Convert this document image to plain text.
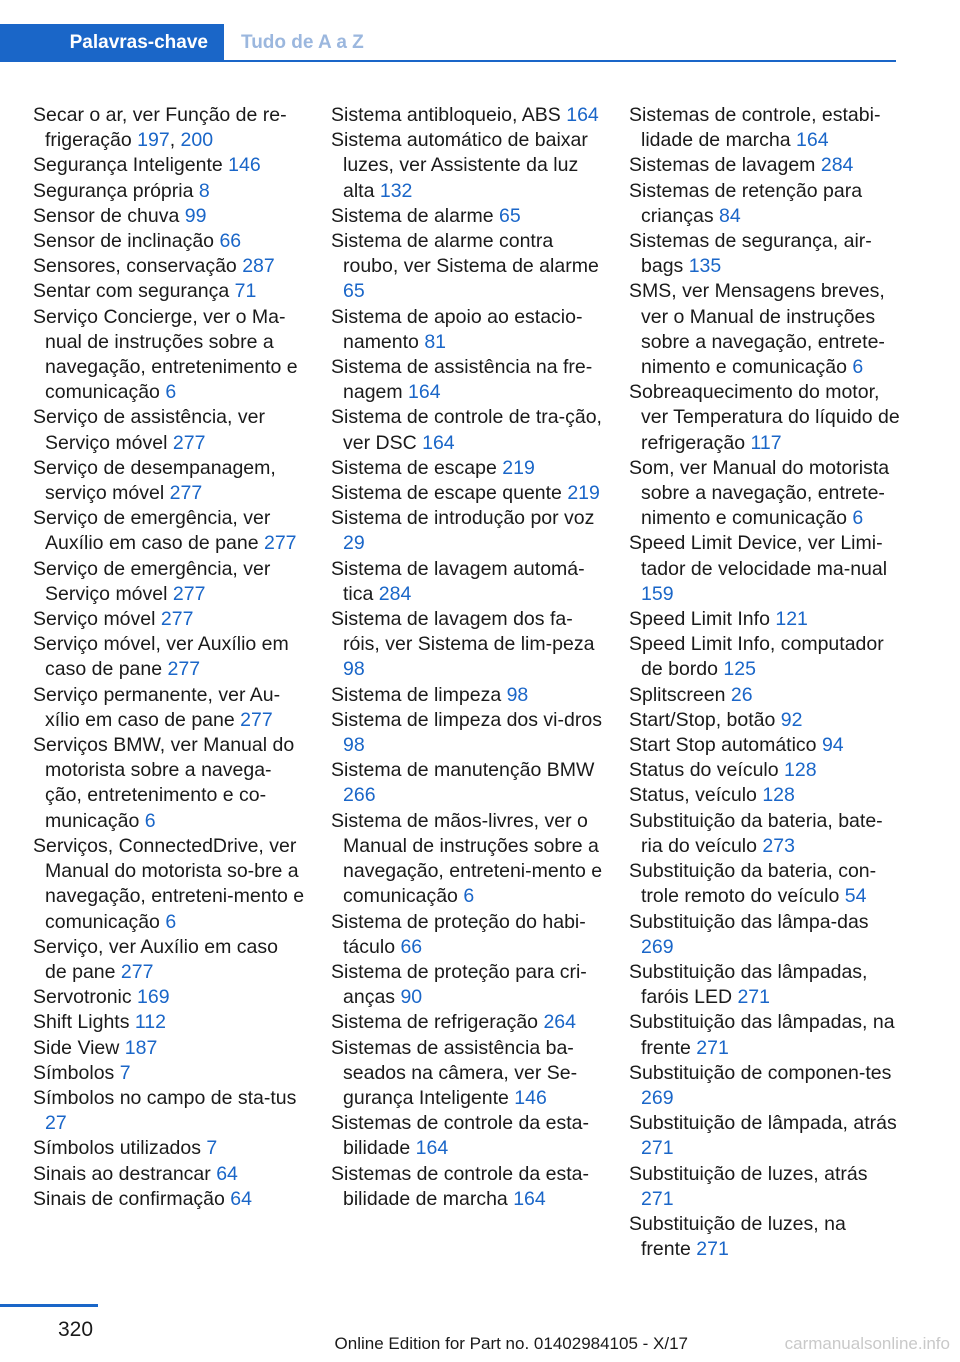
Palavras-chave Tudo de A a Z

Secar o ar, ver Função de re-frigeração 197, 200

Segurança Inteligente 146

Segurança própria 8

Sensor de chuva 99

Sensor de inclinação 66

Sensores, conservação 287

Sentar com segurança 71

Serviço Concierge, ver o Ma-nual de instruções sobre a navegação, entretenimento e comunicação 6

Serviço de assistência, ver Serviço móvel 277

Serviço de desempanagem, serviço móvel 277

Serviço de emergência, ver Auxílio em caso de pane 277

Serviço de emergência, ver Serviço móvel 277

Serviço móvel 277

Serviço móvel, ver Auxílio em caso de pane 277

Serviço permanente, ver Au-xílio em caso de pane 277

Serviços BMW, ver Manual do motorista sobre a navega-ção, entretenimento e co-municação 6

Serviços, ConnectedDrive, ver Manual do motorista so-bre a navegação, entreteni-mento e comunicação 6

Serviço, ver Auxílio em caso de pane 277

Servotronic 169

Shift Lights 112

Side View 187

Símbolos 7

Símbolos no campo de sta-tus 27

Símbolos utilizados 7

Sinais ao destrancar 64

Sinais de confirmação 64

Sistema antibloqueio, ABS 164

Sistema automático de baixar luzes, ver Assistente da luz alta 132

Sistema de alarme 65

Sistema de alarme contra roubo, ver Sistema de alarme 65

Sistema de apoio ao estacio-namento 81

Sistema de assistência na fre-nagem 164

Sistema de controle de tra-ção, ver DSC 164

Sistema de escape 219

Sistema de escape quente 219

Sistema de introdução por voz 29

Sistema de lavagem automá-tica 284

Sistema de lavagem dos fa-róis, ver Sistema de lim-peza 98

Sistema de limpeza 98

Sistema de limpeza dos vi-dros 98

Sistema de manutenção BMW 266

Sistema de mãos-livres, ver o Manual de instruções sobre a navegação, entreteni-mento e comunicação 6

Sistema de proteção do habi-táculo 66

Sistema de proteção para cri-anças 90

Sistema de refrigeração 264

Sistemas de assistência ba-seados na câmera, ver Se-gurança Inteligente 146

Sistemas de controle da esta-bilidade 164

Sistemas de controle da esta-bilidade de marcha 164

Sistemas de controle, estabi-lidade de marcha 164

Sistemas de lavagem 284

Sistemas de retenção para crianças 84

Sistemas de segurança, air-bags 135

SMS, ver Mensagens breves, ver o Manual de instruções sobre a navegação, entrete-nimento e comunicação 6

Sobreaquecimento do motor, ver Temperatura do líquido de refrigeração 117

Som, ver Manual do motorista sobre a navegação, entrete-nimento e comunicação 6

Speed Limit Device, ver Limi-tador de velocidade ma-nual 159

Speed Limit Info 121

Speed Limit Info, computador de bordo 125

Splitscreen 26

Start/Stop, botão 92

Start Stop automático 94

Status do veículo 128

Status, veículo 128

Substituição da bateria, bate-ria do veículo 273

Substituição da bateria, con-trole remoto do veículo 54

Substituição das lâmpa-das 269

Substituição das lâmpadas, faróis LED 271

Substituição das lâmpadas, na frente 271

Substituição de componen-tes 269

Substituição de lâmpada, atrás 271

Substituição de luzes, atrás 271

Substituição de luzes, na frente 271

320
Online Edition for Part no. 01402984105 - X/17	carmanualsonline.info
